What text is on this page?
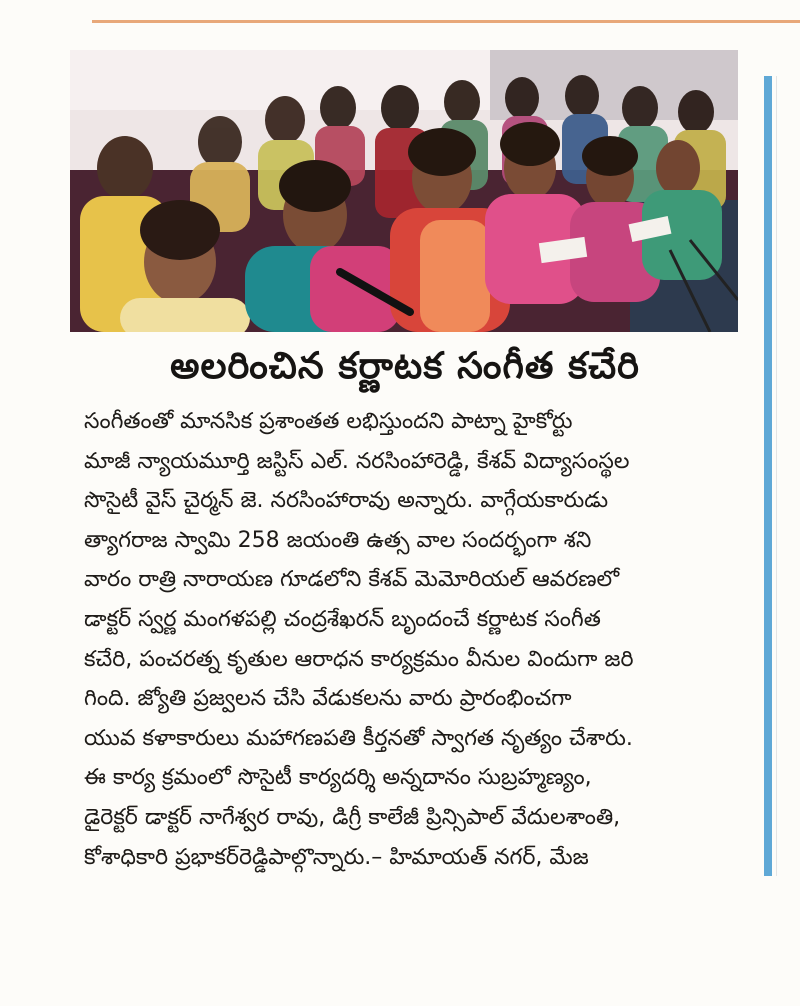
అలరించిన కర్ణాటక సంగీత కచేరి
సంగీతంతో మానసిక ప్రశాంతత లభిస్తుందని పాట్నా హైకోర్టు
మాజీ న్యాయమూర్తి జస్టిస్ ఎల్. నరసింహారెడ్డి, కేశవ్ విద్యాసంస్థల
సొసైటీ వైస్ చైర్మన్ జె. నరసింహారావు అన్నారు. వాగ్గేయకారుడు
త్యాగరాజ స్వామి 258 జయంతి ఉత్స వాల సందర్భంగా శని
వారం రాత్రి నారాయణ గూడలోని కేశవ్ మెమోరియల్ ఆవరణలో
డాక్టర్ స్వర్ణ మంగళపల్లి చంద్రశేఖరన్ బృందంచే కర్ణాటక సంగీత
కచేరి, పంచరత్న కృతుల ఆరాధన కార్యక్రమం వీనుల విందుగా జరి
గింది. జ్యోతి ప్రజ్వలన చేసి వేడుకలను వారు ప్రారంభించగా
యువ కళాకారులు మహాగణపతి కీర్తనతో స్వాగత నృత్యం చేశారు.
ఈ కార్య క్రమంలో సొసైటీ కార్యదర్శి అన్నదానం సుబ్రహ్మణ్యం,
డైరెక్టర్ డాక్టర్ నాగేశ్వర రావు, డిగ్రీ కాలేజీ ప్రిన్సిపాల్ వేదులశాంతి,
కోశాధికారి ప్రభాకర్‌రెడ్డిపాల్గొన్నారు.– హిమాయత్ నగర్, మేజ
